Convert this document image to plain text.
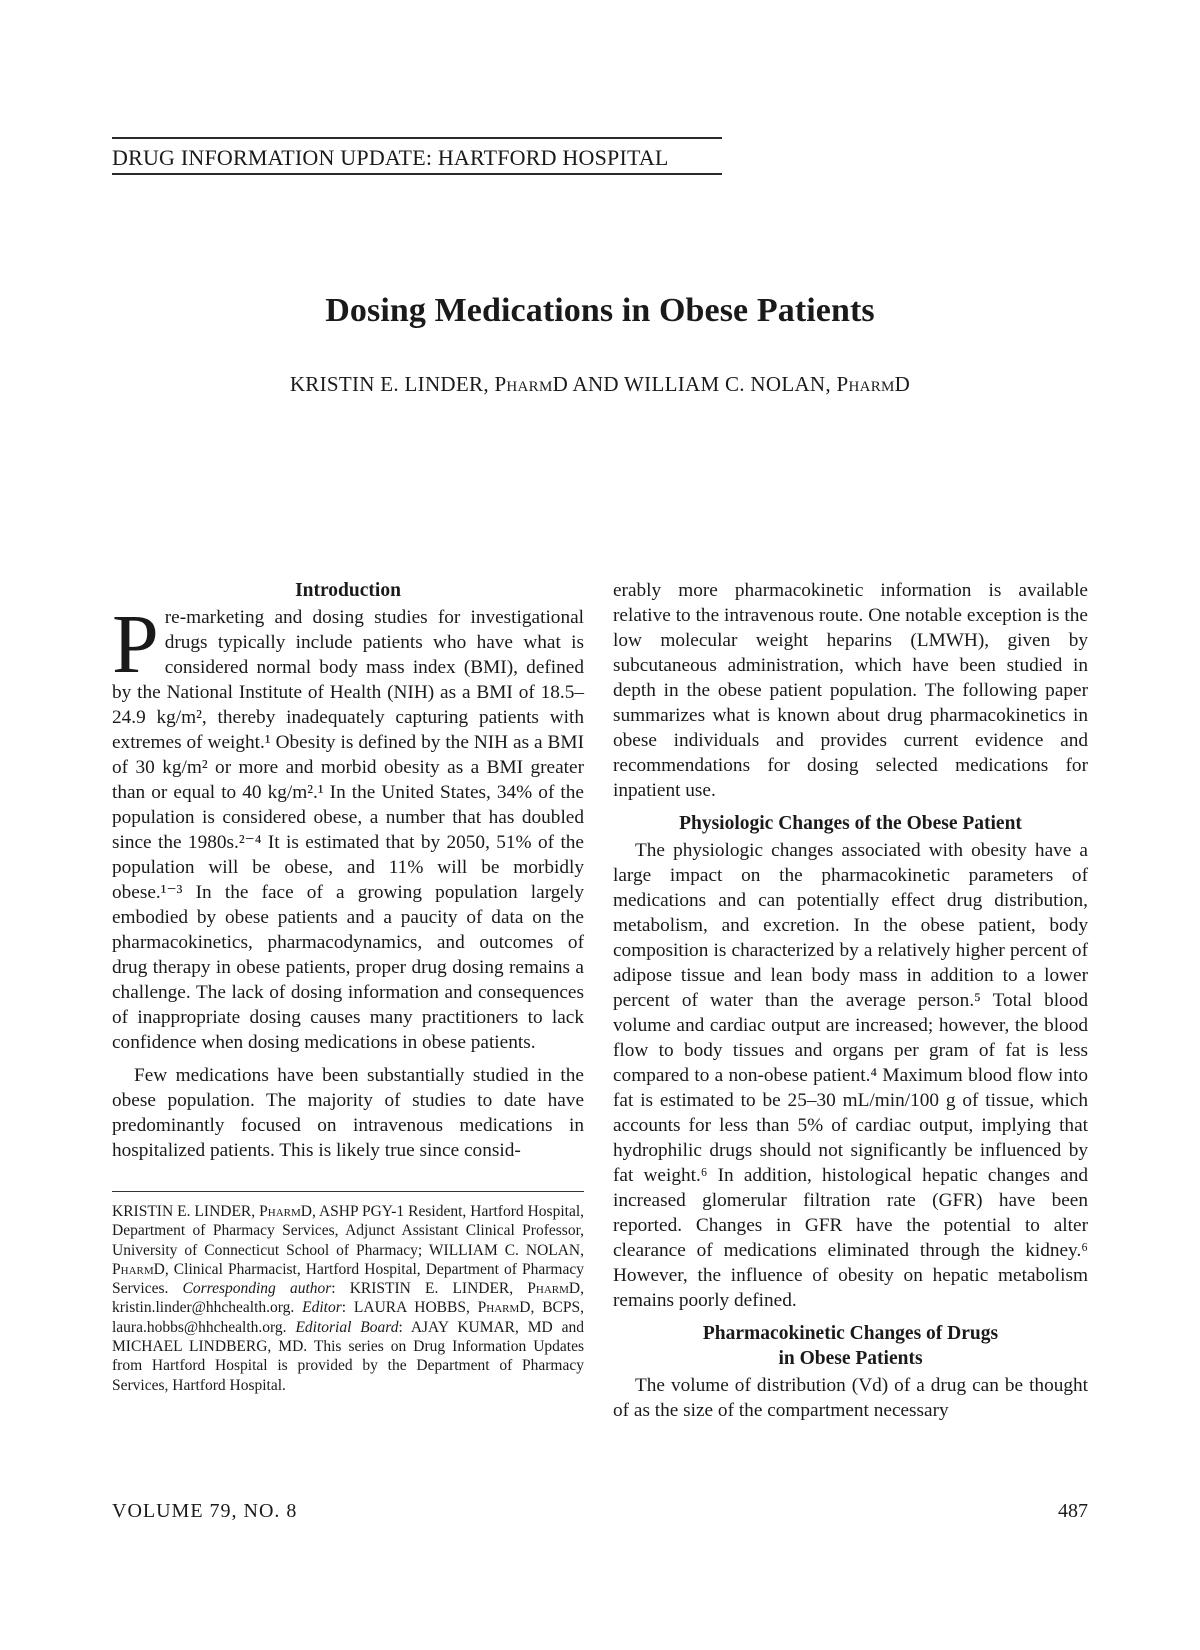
DRUG INFORMATION UPDATE: HARTFORD HOSPITAL
Dosing Medications in Obese Patients
KRISTIN E. LINDER, PharmD AND WILLIAM C. NOLAN, PharmD
Introduction

Pre-marketing and dosing studies for investigational drugs typically include patients who have what is considered normal body mass index (BMI), defined by the National Institute of Health (NIH) as a BMI of 18.5–24.9 kg/m², thereby inadequately capturing patients with extremes of weight.¹ Obesity is defined by the NIH as a BMI of 30 kg/m² or more and morbid obesity as a BMI greater than or equal to 40 kg/m².¹ In the United States, 34% of the population is considered obese, a number that has doubled since the 1980s.²⁻⁴ It is estimated that by 2050, 51% of the population will be obese, and 11% will be morbidly obese.¹⁻³ In the face of a growing population largely embodied by obese patients and a paucity of data on the pharmacokinetics, pharmacodynamics, and outcomes of drug therapy in obese patients, proper drug dosing remains a challenge. The lack of dosing information and consequences of inappropriate dosing causes many practitioners to lack confidence when dosing medications in obese patients.

Few medications have been substantially studied in the obese population. The majority of studies to date have predominantly focused on intravenous medications in hospitalized patients. This is likely true since consid-

KRISTIN E. LINDER, PharmD, ASHP PGY-1 Resident, Hartford Hospital, Department of Pharmacy Services, Adjunct Assistant Clinical Professor, University of Connecticut School of Pharmacy; WILLIAM C. NOLAN, PharmD, Clinical Pharmacist, Hartford Hospital, Department of Pharmacy Services. Corresponding author: KRISTIN E. LINDER, PharmD, kristin.linder@hhchealth.org. Editor: LAURA HOBBS, PharmD, BCPS, laura.hobbs@hhchealth.org. Editorial Board: AJAY KUMAR, MD and MICHAEL LINDBERG, MD. This series on Drug Information Updates from Hartford Hospital is provided by the Department of Pharmacy Services, Hartford Hospital.

erably more pharmacokinetic information is available relative to the intravenous route. One notable exception is the low molecular weight heparins (LMWH), given by subcutaneous administration, which have been studied in depth in the obese patient population. The following paper summarizes what is known about drug pharmacokinetics in obese individuals and provides current evidence and recommendations for dosing selected medications for inpatient use.

Physiologic Changes of the Obese Patient

The physiologic changes associated with obesity have a large impact on the pharmacokinetic parameters of medications and can potentially effect drug distribution, metabolism, and excretion. In the obese patient, body composition is characterized by a relatively higher percent of adipose tissue and lean body mass in addition to a lower percent of water than the average person.⁵ Total blood volume and cardiac output are increased; however, the blood flow to body tissues and organs per gram of fat is less compared to a non-obese patient.⁴ Maximum blood flow into fat is estimated to be 25–30 mL/min/100 g of tissue, which accounts for less than 5% of cardiac output, implying that hydrophilic drugs should not significantly be influenced by fat weight.⁶ In addition, histological hepatic changes and increased glomerular filtration rate (GFR) have been reported. Changes in GFR have the potential to alter clearance of medications eliminated through the kidney.⁶ However, the influence of obesity on hepatic metabolism remains poorly defined.

Pharmacokinetic Changes of Drugs
in Obese Patients

The volume of distribution (Vd) of a drug can be thought of as the size of the compartment necessary

VOLUME 79, NO. 8	487
